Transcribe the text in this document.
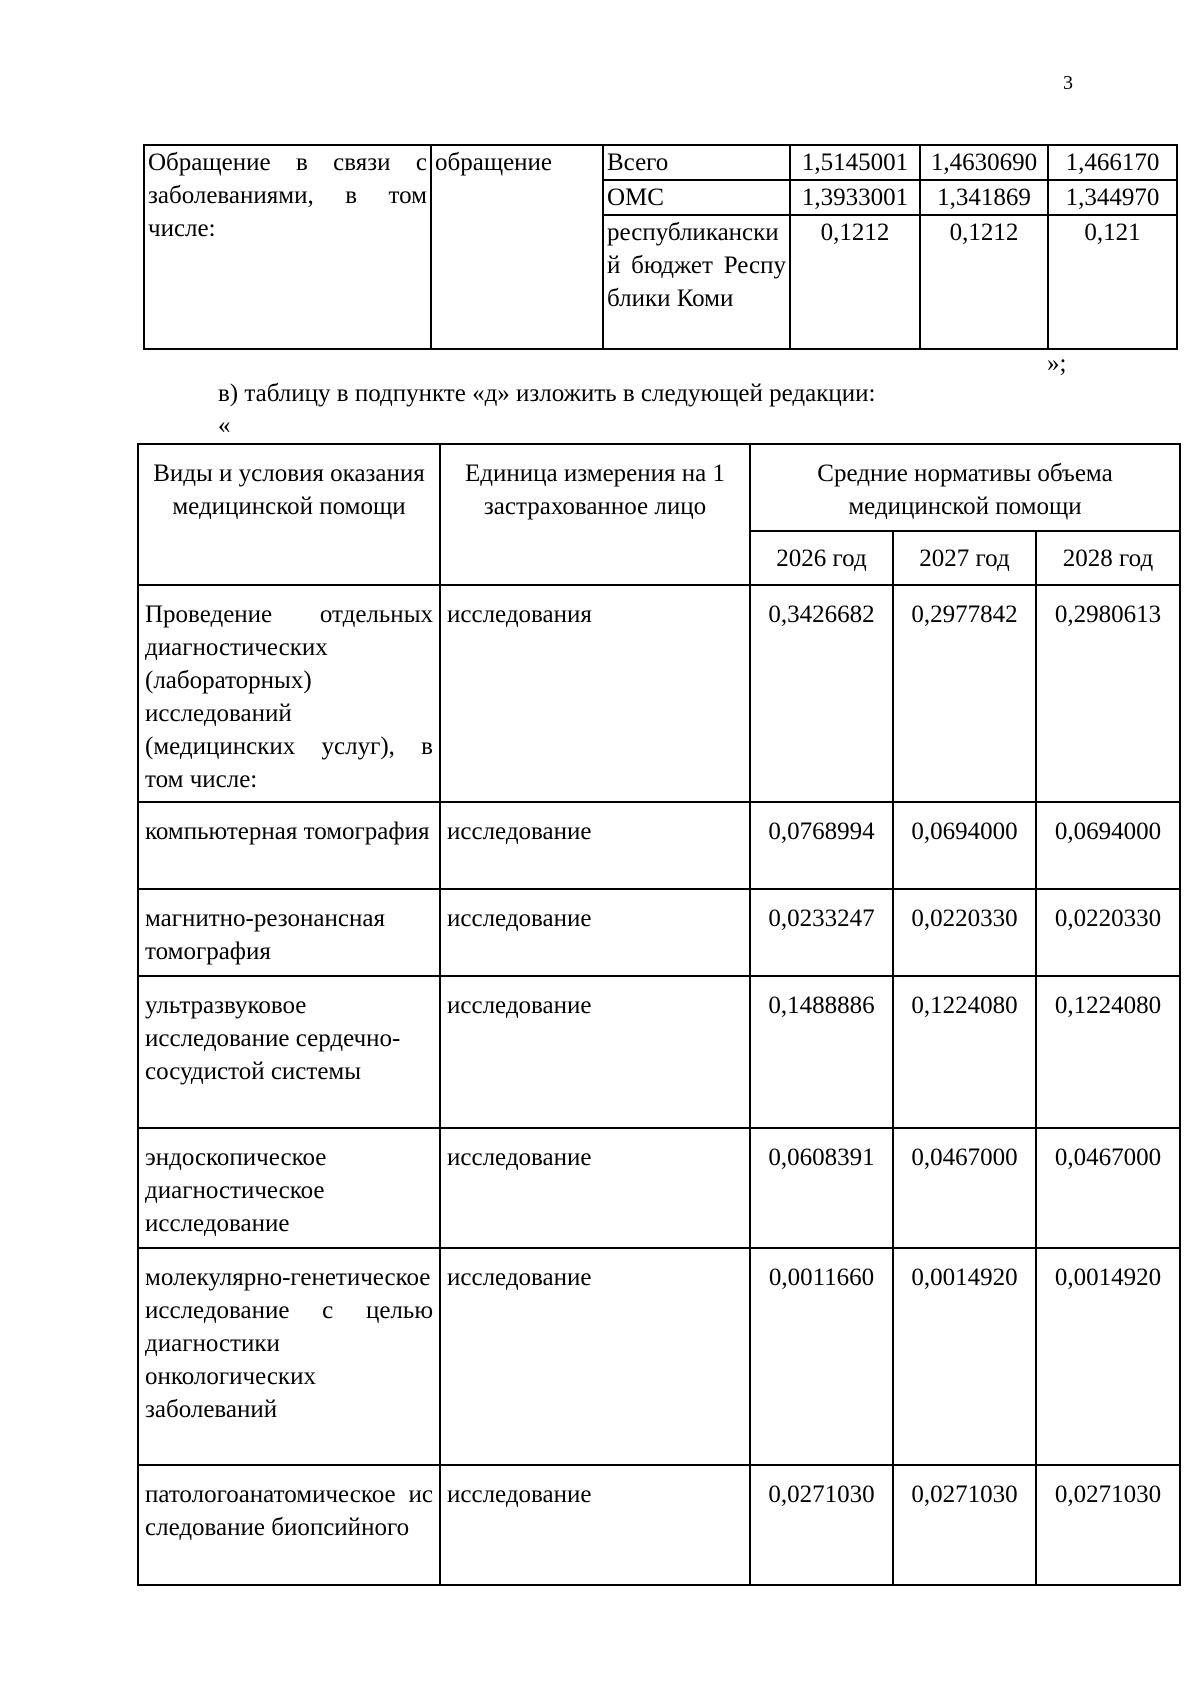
3
Обращение в связи с заболеваниями, в том числе:	обращение	Всего	1,5145001	1,4630690	1,466170
		ОМС	1,3933001	1,341869	1,344970
		республиканский бюджет Республики Коми	0,1212	0,1212	0,121
»;
в) таблицу в подпункте «д» изложить в следующей редакции:
«
Виды и условия оказания медицинской помощи	Единица измерения на 1 застрахованное лицо	Средние нормативы объема медицинской помощи		
		2026 год	2027 год	2028 год
Проведение отдельных диагностических (лабораторных) исследований (медицинских услуг), в том числе:	исследования	0,3426682	0,2977842	0,2980613
компьютерная томография	исследование	0,0768994	0,0694000	0,0694000
магнитно-резонансная томография	исследование	0,0233247	0,0220330	0,0220330
ультразвуковое исследование сердечно-сосудистой системы	исследование	0,1488886	0,1224080	0,1224080
эндоскопическое диагностическое исследование	исследование	0,0608391	0,0467000	0,0467000
молекулярно-генетическое исследование с целью диагностики онкологических заболеваний	исследование	0,0011660	0,0014920	0,0014920
патологоанатомическое исследование биопсийного	исследование	0,0271030	0,0271030	0,0271030
